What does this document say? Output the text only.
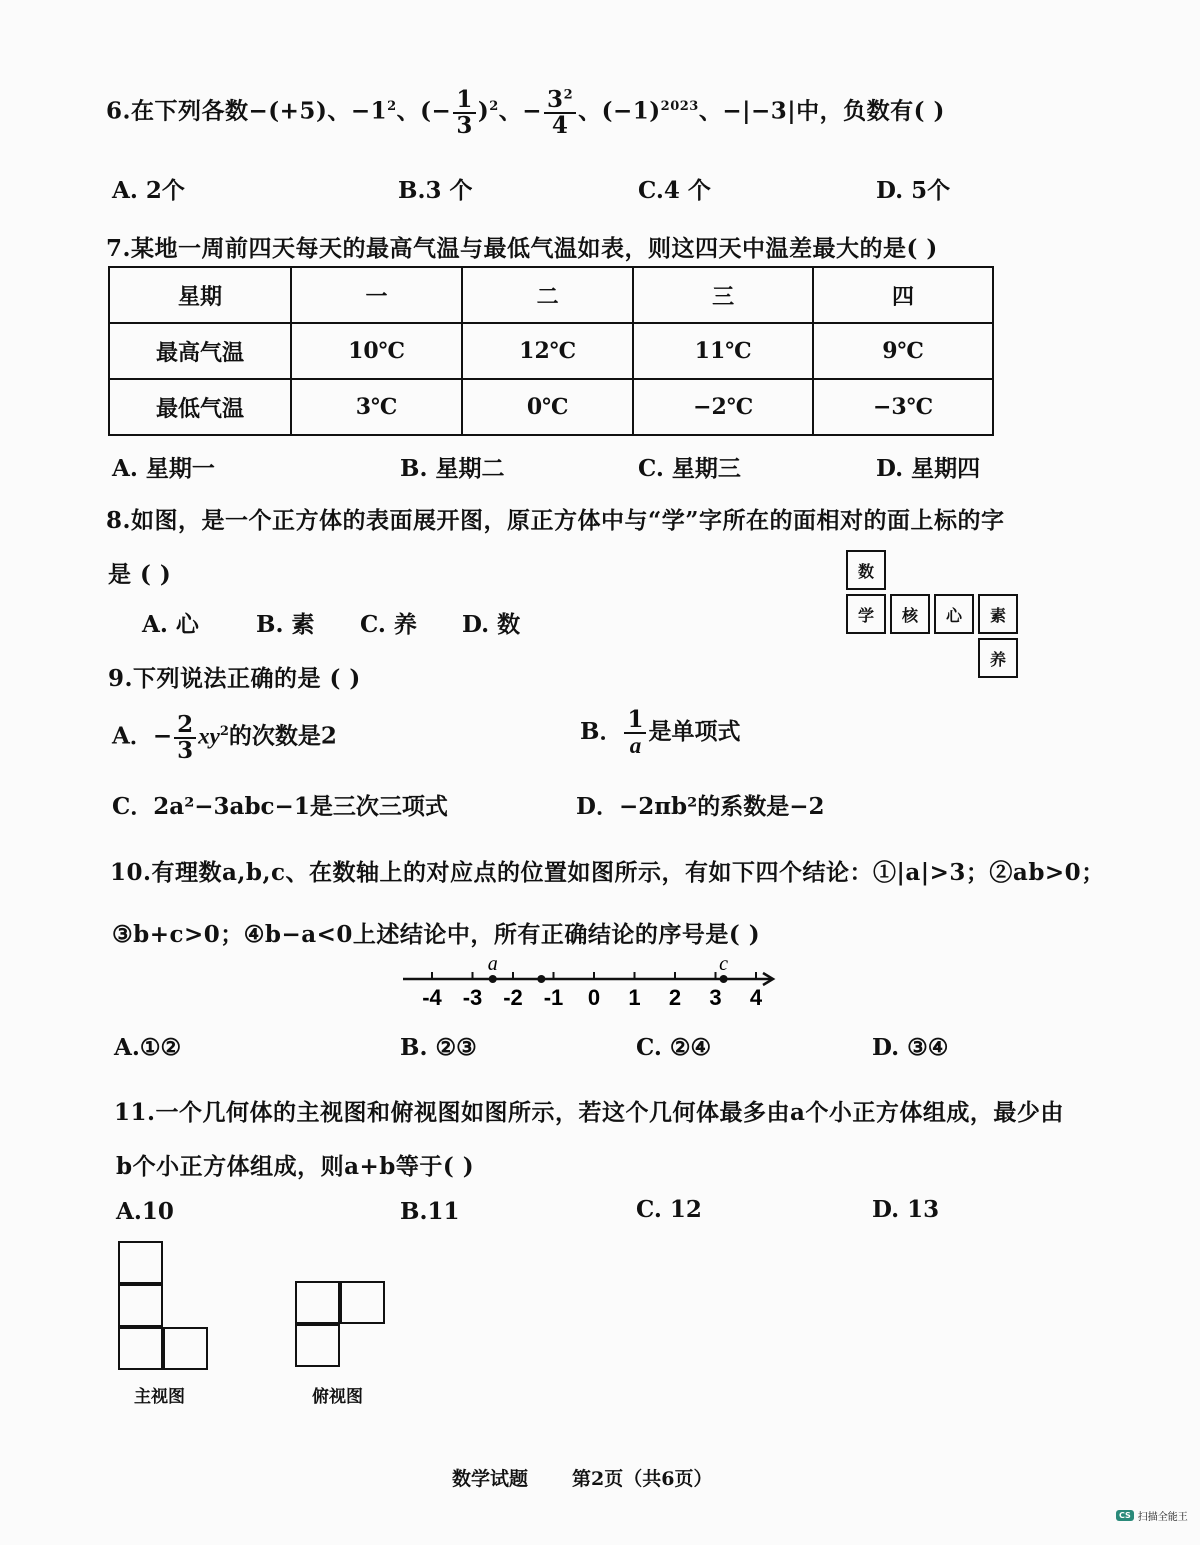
6.在下列各数−(+5)、$-1^2$、(− $\frac{1}{3} )^2$、− $\frac{3^2}{4}$ 、$(-1)^{2023}$、−|−3|中，负数有( )
A. 2个	B.3 个	C.4 个	D. 5个
7.某地一周前四天每天的最高气温与最低气温如表，则这四天中温差最大的是( )
星期	一	二	三	四
最高气温	10℃	12℃	11℃	9℃
最低气温	3℃	0℃	−2℃	−3℃
A. 星期一	B. 星期二	C. 星期三	D. 星期四
8.如图，是一个正方体的表面展开图，原正方体中与“学”字所在的面相对的面上标的字
是 ( )
A. 心 B. 素 C. 养 D. 数
数
学	核	心	素
养
9.下列说法正确的是 ( )
A．− $\frac{2}{3} xy^2$的次数是2	B． $\frac{1}{a}$ 是单项式
C．2a²−3abc−1是三次三项式	D．−2πb²的系数是−2
10.有理数a,b,c、在数轴上的对应点的位置如图所示，有如下四个结论：①|a|>3；②ab>0；
③b+c>0；④b−a<0上述结论中，所有正确结论的序号是( )
-4 -3 -2 -1 0 1 2 3 4
a	c
A.①②	B. ②③	C. ②④	D. ③④
11.一个几何体的主视图和俯视图如图所示，若这个几何体最多由a个小正方体组成，最少由
b个小正方体组成，则a+b等于( )
A.10	B.11	C. 12	D. 13
主视图	俯视图
数学试题 第2页（共6页）
CS 扫描全能王
